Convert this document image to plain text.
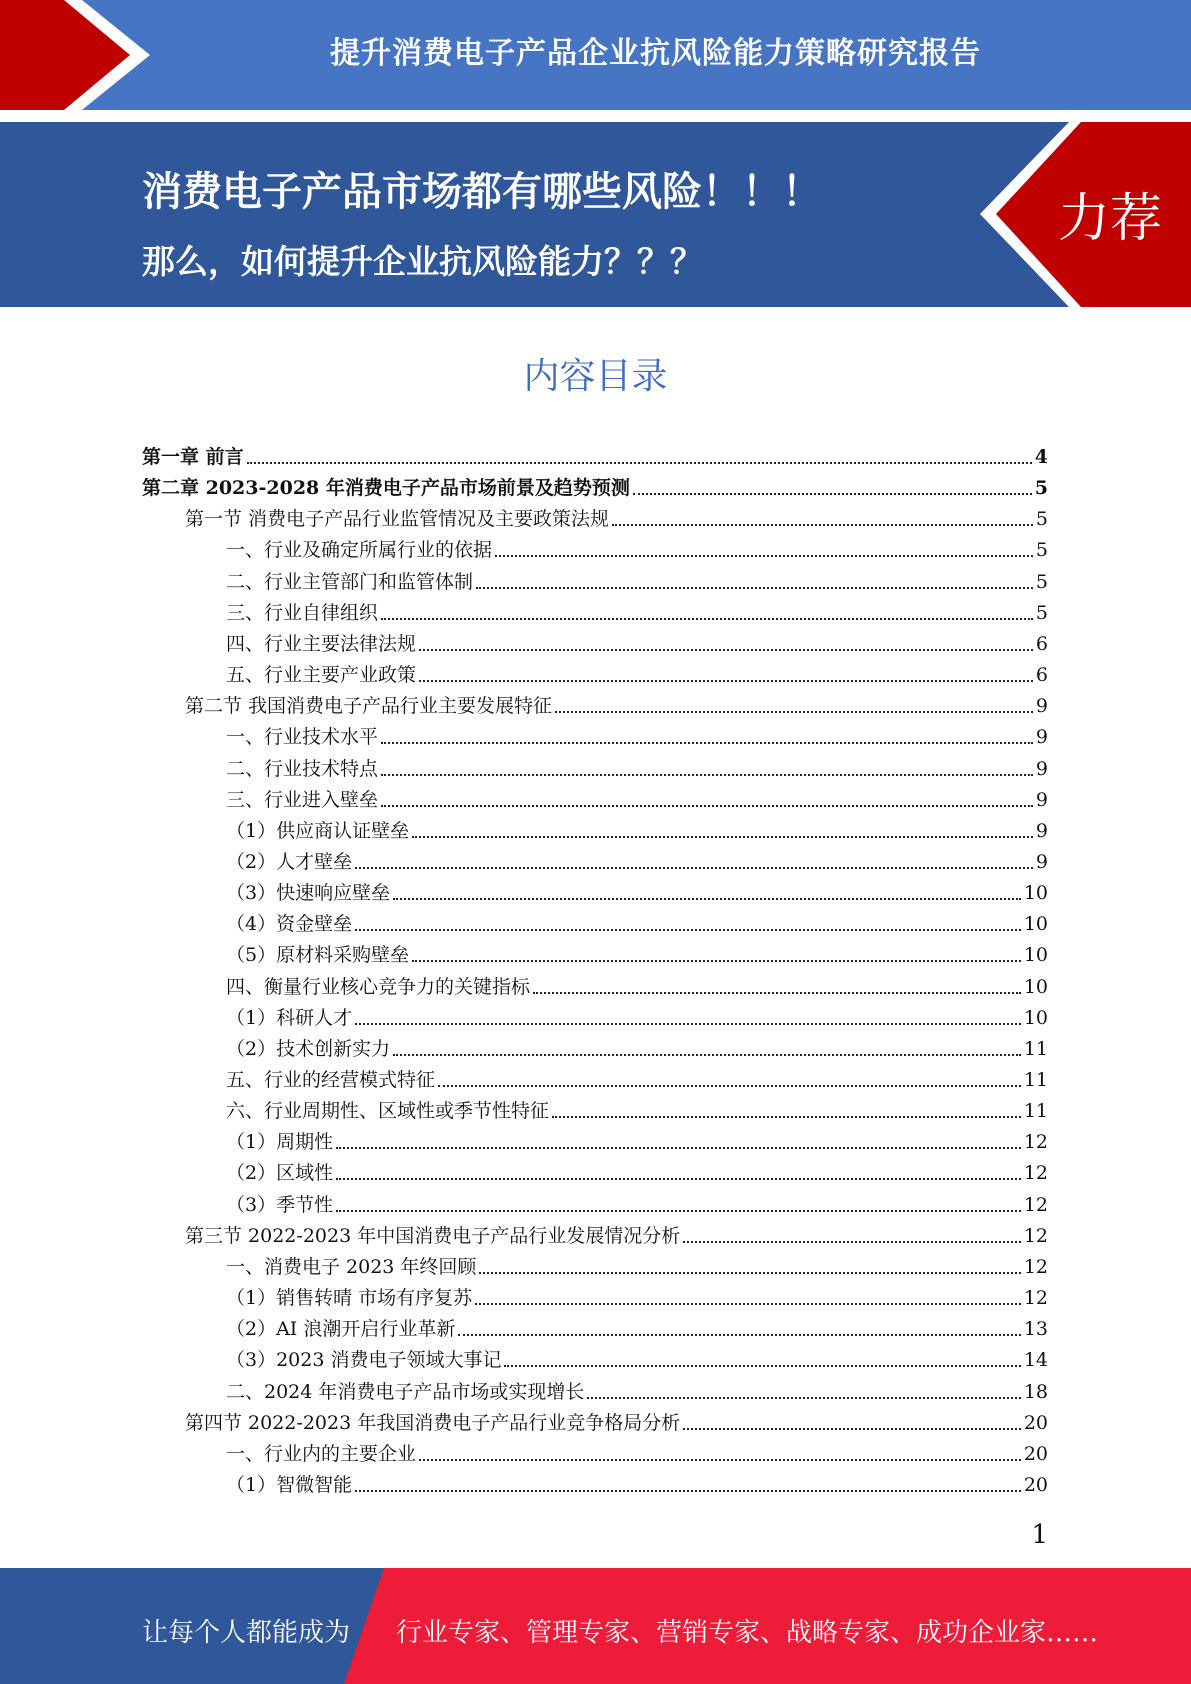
提升消费电子产品企业抗风险能力策略研究报告
消费电子产品市场都有哪些风险！！！
那么，如何提升企业抗风险能力？？？
力荐
内容目录
第一章 前言	4
第二章 2023-2028 年消费电子产品市场前景及趋势预测	5
第一节 消费电子产品行业监管情况及主要政策法规	5
一、行业及确定所属行业的依据	5
二、行业主管部门和监管体制	5
三、行业自律组织	5
四、行业主要法律法规	6
五、行业主要产业政策	6
第二节 我国消费电子产品行业主要发展特征	9
一、行业技术水平	9
二、行业技术特点	9
三、行业进入壁垒	9
（1）供应商认证壁垒	9
（2）人才壁垒	9
（3）快速响应壁垒	10
（4）资金壁垒	10
（5）原材料采购壁垒	10
四、衡量行业核心竞争力的关键指标	10
（1）科研人才	10
（2）技术创新实力	11
五、行业的经营模式特征	11
六、行业周期性、区域性或季节性特征	11
（1）周期性	12
（2）区域性	12
（3）季节性	12
第三节 2022-2023 年中国消费电子产品行业发展情况分析	12
一、消费电子 2023 年终回顾	12
（1）销售转晴 市场有序复苏	12
（2）AI 浪潮开启行业革新	13
（3）2023 消费电子领域大事记	14
二、2024 年消费电子产品市场或实现增长	18
第四节 2022-2023 年我国消费电子产品行业竞争格局分析	20
一、行业内的主要企业	20
（1）智微智能	20
1
让每个人都能成为 行业专家、管理专家、营销专家、战略专家、成功企业家……
